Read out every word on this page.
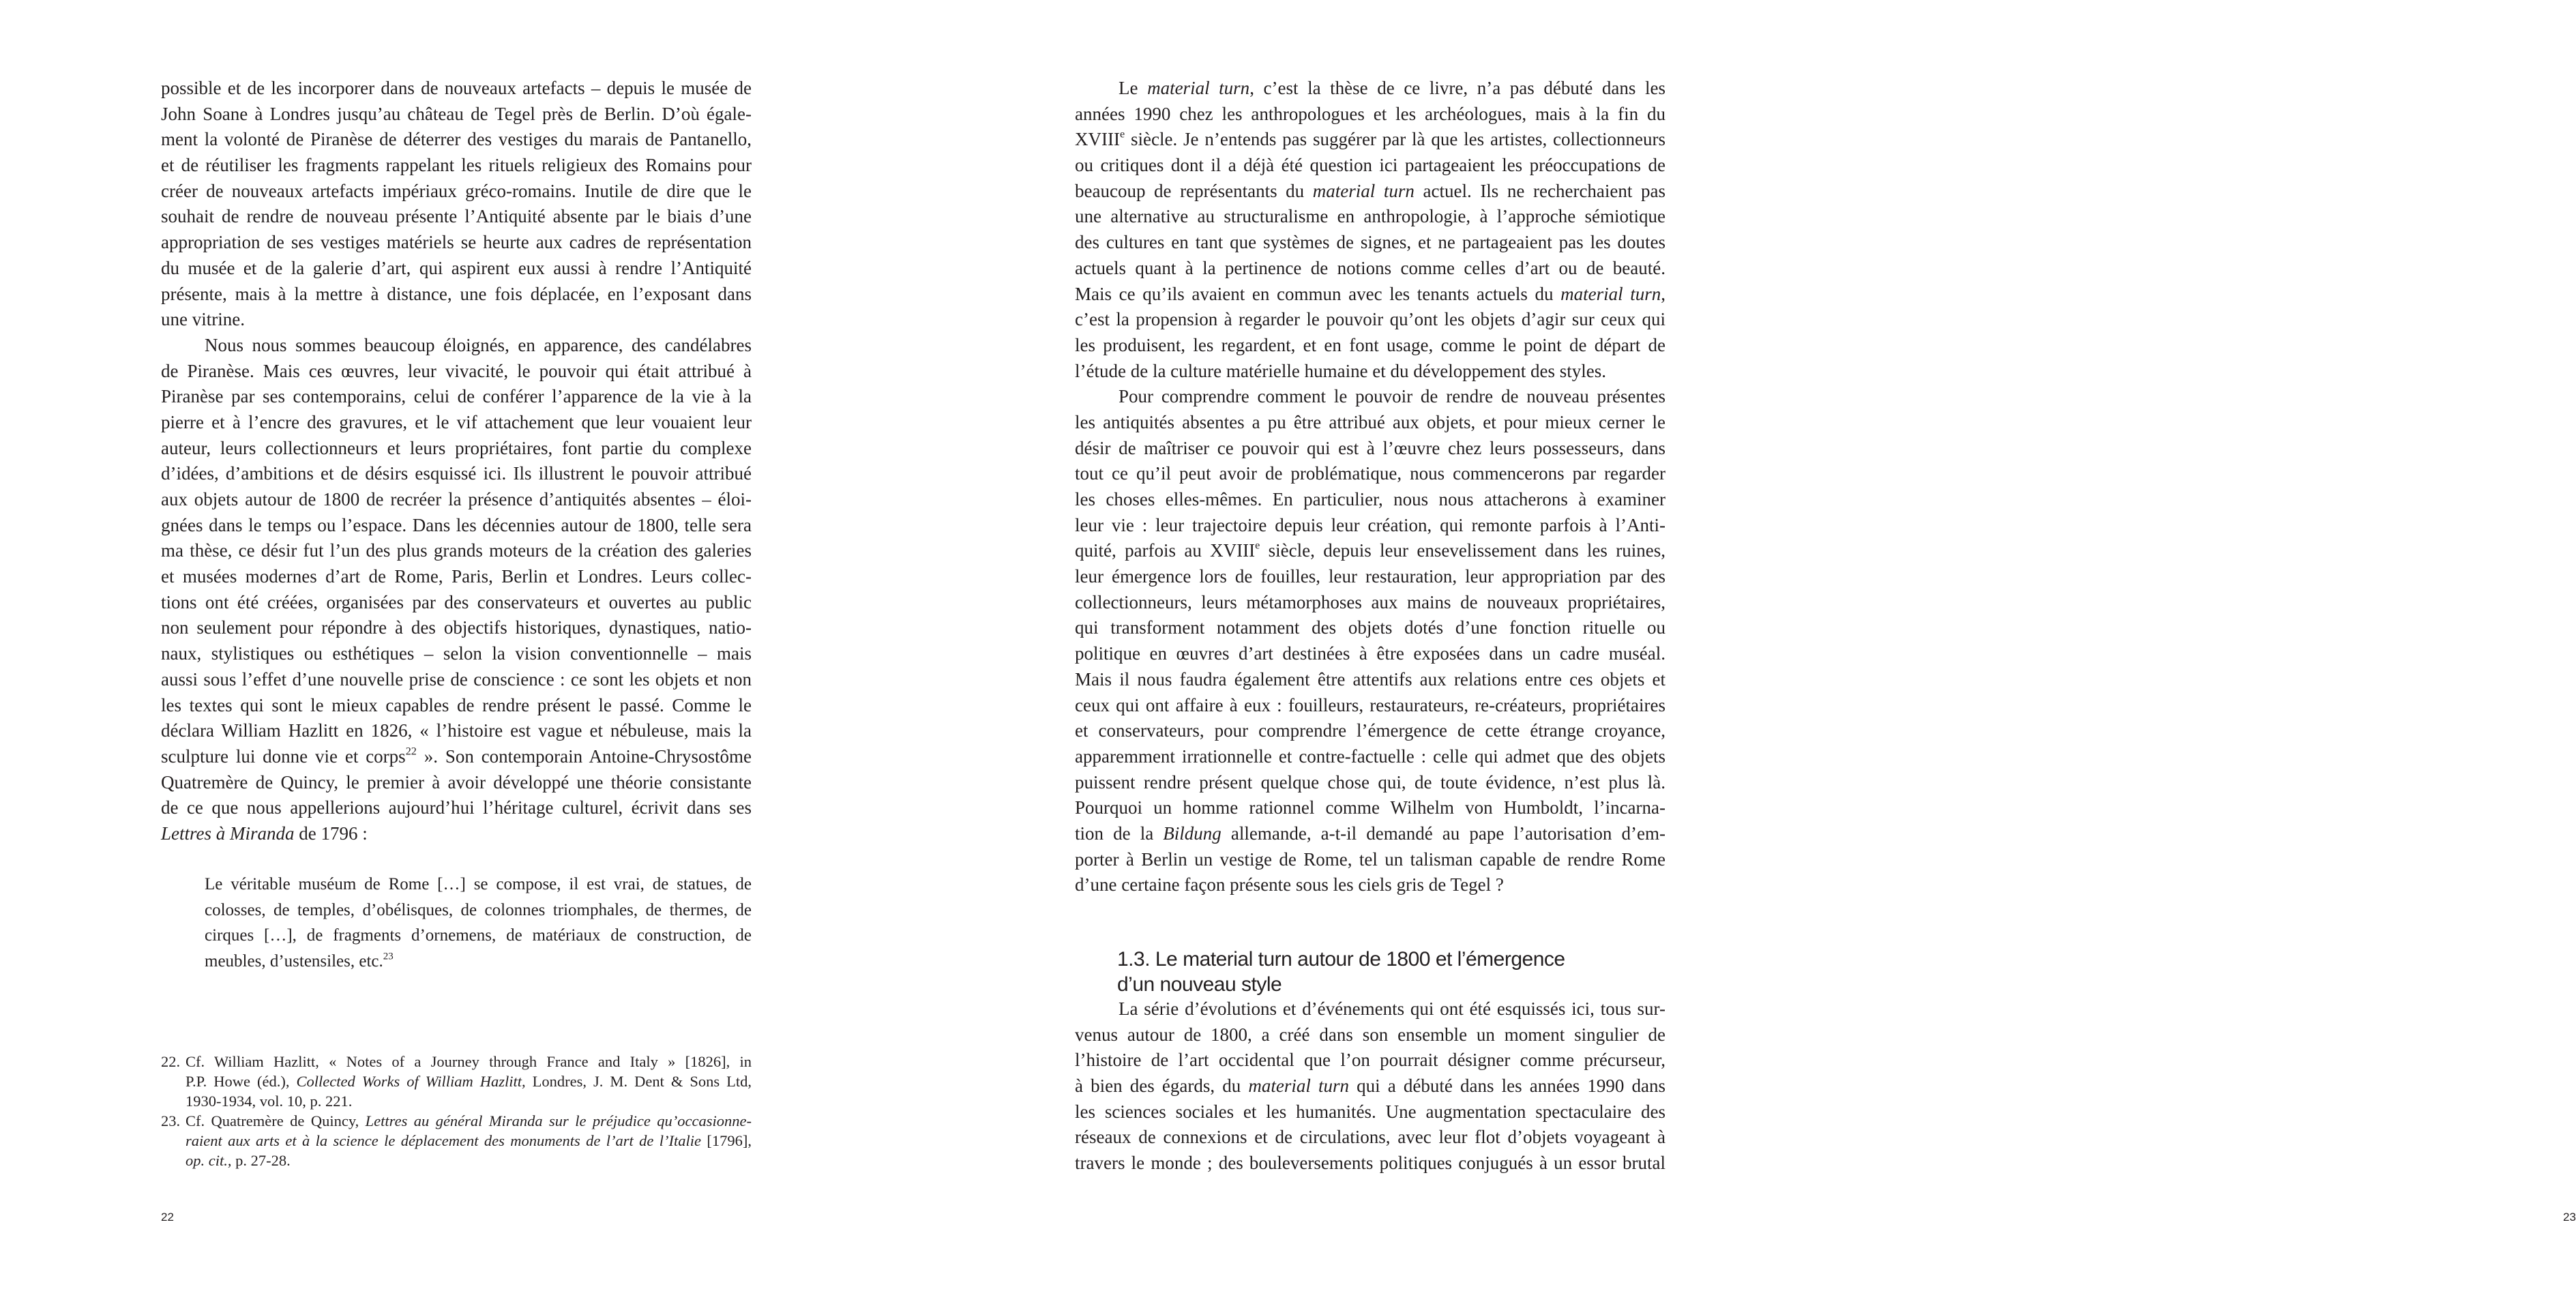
possible et de les incorporer dans de nouveaux artefacts – depuis le musée de
John Soane à Londres jusqu’au château de Tegel près de Berlin. D’où égale-
ment la volonté de Piranèse de déterrer des vestiges du marais de Pantanello,
et de réutiliser les fragments rappelant les rituels religieux des Romains pour
créer de nouveaux artefacts impériaux gréco-romains. Inutile de dire que le
souhait de rendre de nouveau présente l’Antiquité absente par le biais d’une
appropriation de ses vestiges matériels se heurte aux cadres de représentation
du musée et de la galerie d’art, qui aspirent eux aussi à rendre l’Antiquité
présente, mais à la mettre à distance, une fois déplacée, en l’exposant dans
une vitrine.
Nous nous sommes beaucoup éloignés, en apparence, des candélabres
de Piranèse. Mais ces œuvres, leur vivacité, le pouvoir qui était attribué à
Piranèse par ses contemporains, celui de conférer l’apparence de la vie à la
pierre et à l’encre des gravures, et le vif attachement que leur vouaient leur
auteur, leurs collectionneurs et leurs propriétaires, font partie du complexe
d’idées, d’ambitions et de désirs esquissé ici. Ils illustrent le pouvoir attribué
aux objets autour de 1800 de recréer la présence d’antiquités absentes – éloi-
gnées dans le temps ou l’espace. Dans les décennies autour de 1800, telle sera
ma thèse, ce désir fut l’un des plus grands moteurs de la création des galeries
et musées modernes d’art de Rome, Paris, Berlin et Londres. Leurs collec-
tions ont été créées, organisées par des conservateurs et ouvertes au public
non seulement pour répondre à des objectifs historiques, dynastiques, natio-
naux, stylistiques ou esthétiques – selon la vision conventionnelle – mais
aussi sous l’effet d’une nouvelle prise de conscience : ce sont les objets et non
les textes qui sont le mieux capables de rendre présent le passé. Comme le
déclara William Hazlitt en 1826, « l’histoire est vague et nébuleuse, mais la
sculpture lui donne vie et corps$^{22}$ ». Son contemporain Antoine-Chrysostôme
Quatremère de Quincy, le premier à avoir développé une théorie consistante
de ce que nous appellerions aujourd’hui l’héritage culturel, écrivit dans ses
Lettres à Miranda de 1796 :
Le véritable muséum de Rome […] se compose, il est vrai, de statues, de
colosses, de temples, d’obélisques, de colonnes triomphales, de thermes, de
cirques […], de fragments d’ornemens, de matériaux de construction, de
meubles, d’ustensiles, etc.$^{23}$
22. Cf. William Hazlitt, « Notes of a Journey through France and Italy » [1826], in
P.P. Howe (éd.), Collected Works of William Hazlitt, Londres, J. M. Dent & Sons Ltd,
1930-1934, vol. 10, p. 221.
23. Cf. Quatremère de Quincy, Lettres au général Miranda sur le préjudice qu’occasionne-
raient aux arts et à la science le déplacement des monuments de l’art de l’Italie [1796],
op. cit., p. 27-28.
22
Le material turn, c’est la thèse de ce livre, n’a pas débuté dans les
années 1990 chez les anthropologues et les archéologues, mais à la fin du
XVIIIe siècle. Je n’entends pas suggérer par là que les artistes, collectionneurs
ou critiques dont il a déjà été question ici partageaient les préoccupations de
beaucoup de représentants du material turn actuel. Ils ne recherchaient pas
une alternative au structuralisme en anthropologie, à l’approche sémiotique
des cultures en tant que systèmes de signes, et ne partageaient pas les doutes
actuels quant à la pertinence de notions comme celles d’art ou de beauté.
Mais ce qu’ils avaient en commun avec les tenants actuels du material turn,
c’est la propension à regarder le pouvoir qu’ont les objets d’agir sur ceux qui
les produisent, les regardent, et en font usage, comme le point de départ de
l’étude de la culture matérielle humaine et du développement des styles.
Pour comprendre comment le pouvoir de rendre de nouveau présentes
les antiquités absentes a pu être attribué aux objets, et pour mieux cerner le
désir de maîtriser ce pouvoir qui est à l’œuvre chez leurs possesseurs, dans
tout ce qu’il peut avoir de problématique, nous commencerons par regarder
les choses elles-mêmes. En particulier, nous nous attacherons à examiner
leur vie : leur trajectoire depuis leur création, qui remonte parfois à l’Anti-
quité, parfois au XVIIIe siècle, depuis leur ensevelissement dans les ruines,
leur émergence lors de fouilles, leur restauration, leur appropriation par des
collectionneurs, leurs métamorphoses aux mains de nouveaux propriétaires,
qui transforment notamment des objets dotés d’une fonction rituelle ou
politique en œuvres d’art destinées à être exposées dans un cadre muséal.
Mais il nous faudra également être attentifs aux relations entre ces objets et
ceux qui ont affaire à eux : fouilleurs, restaurateurs, re-créateurs, propriétaires
et conservateurs, pour comprendre l’émergence de cette étrange croyance,
apparemment irrationnelle et contre-factuelle : celle qui admet que des objets
puissent rendre présent quelque chose qui, de toute évidence, n’est plus là.
Pourquoi un homme rationnel comme Wilhelm von Humboldt, l’incarna-
tion de la Bildung allemande, a-t-il demandé au pape l’autorisation d’em-
porter à Berlin un vestige de Rome, tel un talisman capable de rendre Rome
d’une certaine façon présente sous les ciels gris de Tegel ?
1.3. Le material turn autour de 1800 et l’émergence
d’un nouveau style
La série d’évolutions et d’événements qui ont été esquissés ici, tous sur-
venus autour de 1800, a créé dans son ensemble un moment singulier de
l’histoire de l’art occidental que l’on pourrait désigner comme précurseur,
à bien des égards, du material turn qui a débuté dans les années 1990 dans
les sciences sociales et les humanités. Une augmentation spectaculaire des
réseaux de connexions et de circulations, avec leur flot d’objets voyageant à
travers le monde ; des bouleversements politiques conjugués à un essor brutal
23
